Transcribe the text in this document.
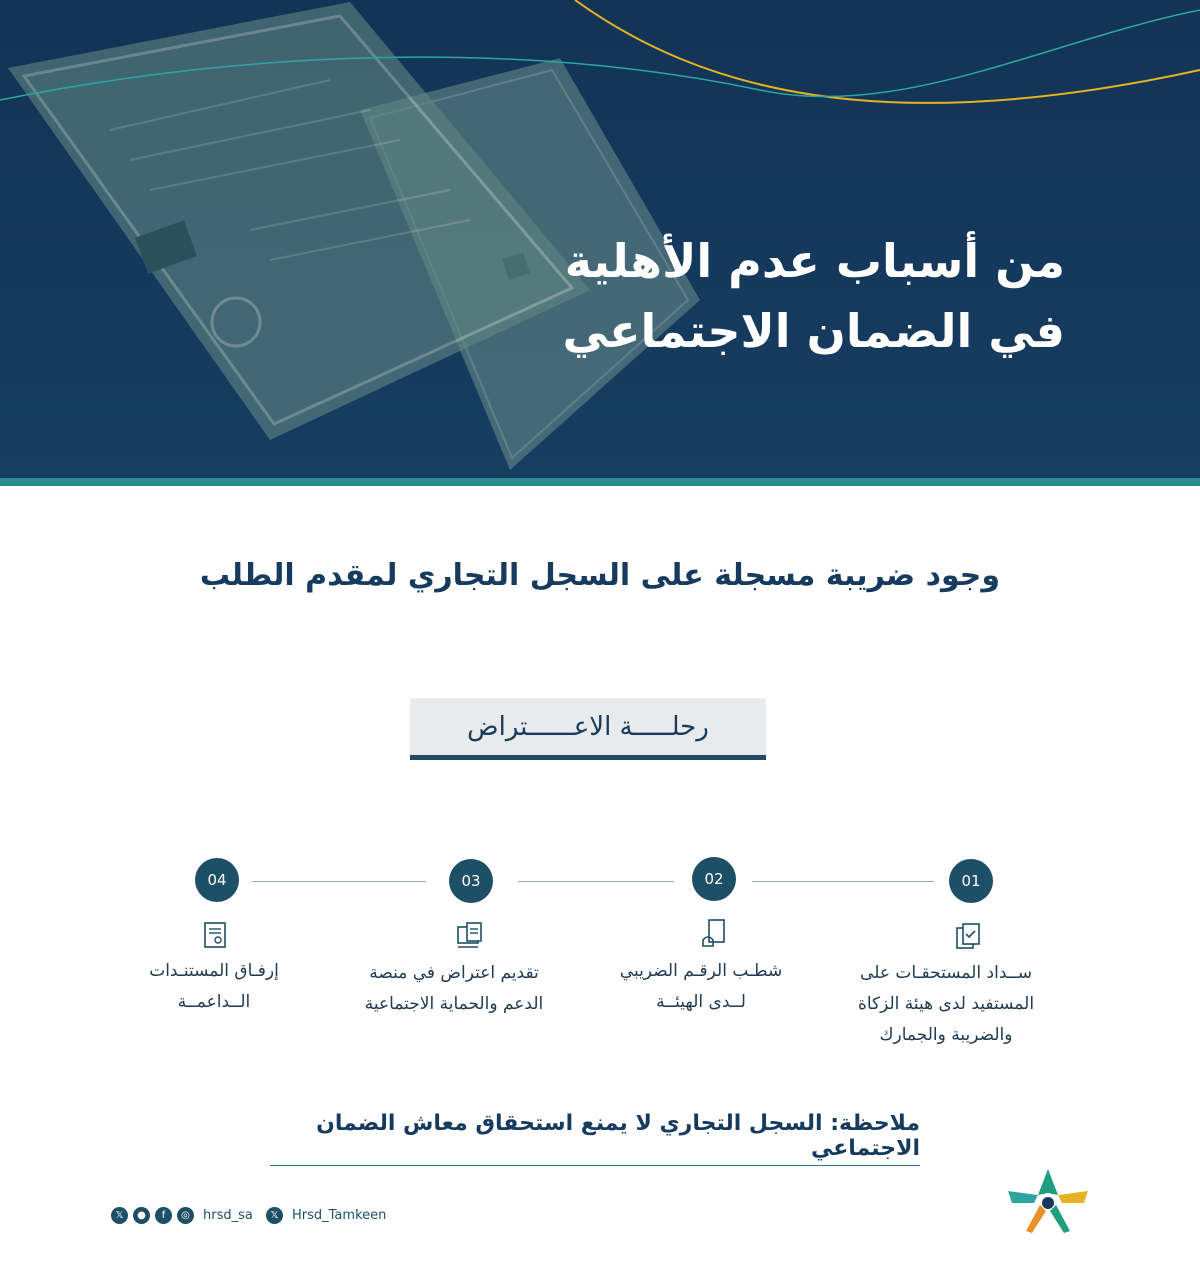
من أسباب عدم الأهلية
في الضمان الاجتماعي
وجود ضريبة مسجلة على السجل التجاري لمقدم الطلب
رحلـــــة الاعــــــتراض
01
ســداد المستحقـات على
المستفيد لدى هيئة الزكاة
والضريبة والجمارك
02
شطـب الرقـم الضريبي
لــدى الهيئــة
03
تقديم اعتراض في منصة
الدعم والحماية الاجتماعية
04
إرفـاق المستنـدات
الــداعمــة
ملاحظة: السجل التجاري لا يمنع استحقاق معاش الضمان الاجتماعي
𝕏	●	f	◎	hrsd_sa	𝕏	Hrsd_Tamkeen
